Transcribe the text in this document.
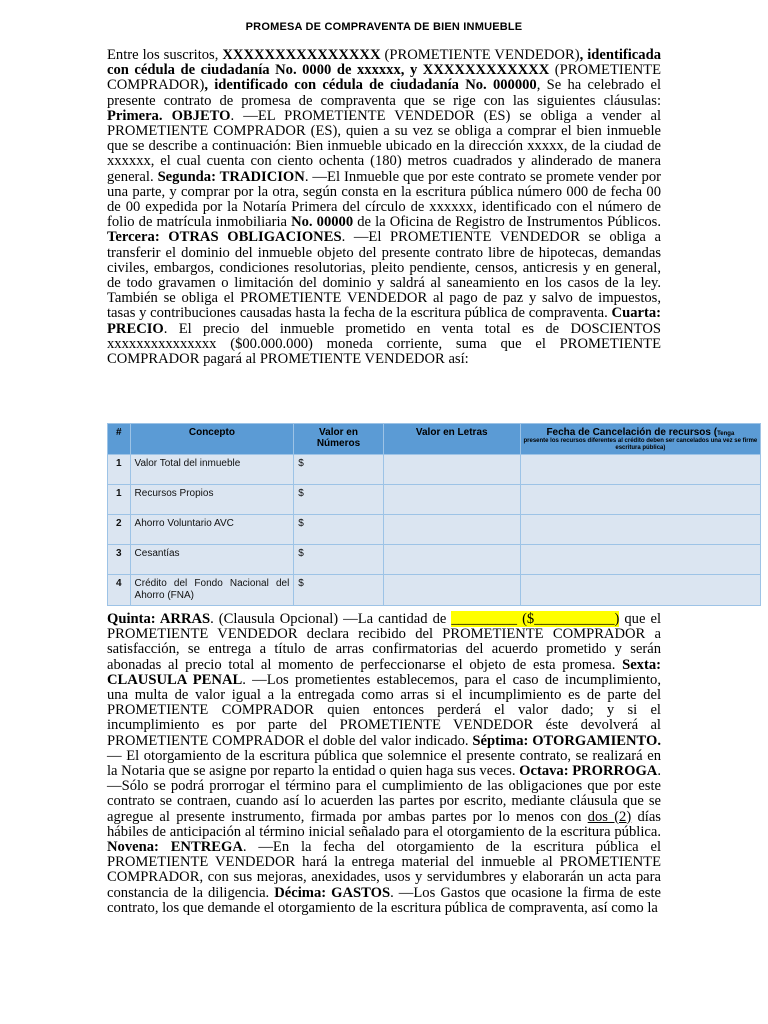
PROMESA DE COMPRAVENTA DE BIEN INMUEBLE

Entre los suscritos, XXXXXXXXXXXXXXX (PROMETIENTE VENDEDOR), identificada con cédula de ciudadanía No. 0000 de xxxxxx, y XXXXXXXXXXXX (PROMETIENTE COMPRADOR), identificado con cédula de ciudadanía No. 000000, Se ha celebrado el presente contrato de promesa de compraventa que se rige con las siguientes cláusulas: Primera. OBJETO. —EL PROMETIENTE VENDEDOR (ES) se obliga a vender al PROMETIENTE COMPRADOR (ES), quien a su vez se obliga a comprar el bien inmueble que se describe a continuación: Bien inmueble ubicado en la dirección xxxxx, de la ciudad de xxxxxx, el cual cuenta con ciento ochenta (180) metros cuadrados y alinderado de manera general. Segunda: TRADICION. —El Inmueble que por este contrato se promete vender por una parte, y comprar por la otra, según consta en la escritura pública número 000 de fecha 00 de 00 expedida por la Notaría Primera del círculo de xxxxxx, identificado con el número de folio de matrícula inmobiliaria No. 00000 de la Oficina de Registro de Instrumentos Públicos. Tercera: OTRAS OBLIGACIONES. —El PROMETIENTE VENDEDOR se obliga a transferir el dominio del inmueble objeto del presente contrato libre de hipotecas, demandas civiles, embargos, condiciones resolutorias, pleito pendiente, censos, anticresis y en general, de todo gravamen o limitación del dominio y saldrá al saneamiento en los casos de la ley. También se obliga el PROMETIENTE VENDEDOR al pago de paz y salvo de impuestos, tasas y contribuciones causadas hasta la fecha de la escritura pública de compraventa. Cuarta: PRECIO. El precio del inmueble prometido en venta total es de DOSCIENTOS xxxxxxxxxxxxxxx ($00.000.000) moneda corriente, suma que el PROMETIENTE COMPRADOR pagará al PROMETIENTE VENDEDOR así:

#	Concepto	Valor en Números	Valor en Letras	Fecha de Cancelación de recursos (Tenga
presente los recursos diferentes al crédito deben ser cancelados una vez se firme escritura pública)

1	Valor Total del inmueble	$		
1	Recursos Propios	$		
2	Ahorro Voluntario AVC	$		
3	Cesantías	$		
4	Crédito del Fondo Nacional del Ahorro (FNA)	$		

Quinta: ARRAS. (Clausula Opcional) —La cantidad de _________ ($___________) que el PROMETIENTE VENDEDOR declara recibido del PROMETIENTE COMPRADOR a satisfacción, se entrega a título de arras confirmatorias del acuerdo prometido y serán abonadas al precio total al momento de perfeccionarse el objeto de esta promesa. Sexta: CLAUSULA PENAL. —Los prometientes establecemos, para el caso de incumplimiento, una multa de valor igual a la entregada como arras si el incumplimiento es de parte del PROMETIENTE COMPRADOR quien entonces perderá el valor dado; y si el incumplimiento es por parte del PROMETIENTE VENDEDOR éste devolverá al PROMETIENTE COMPRADOR el doble del valor indicado. Séptima: OTORGAMIENTO. — El otorgamiento de la escritura pública que solemnice el presente contrato, se realizará en la Notaria que se asigne por reparto la entidad o quien haga sus veces. Octava: PRORROGA. —Sólo se podrá prorrogar el término para el cumplimiento de las obligaciones que por este contrato se contraen, cuando así lo acuerden las partes por escrito, mediante cláusula que se agregue al presente instrumento, firmada por ambas partes por lo menos con dos (2) días hábiles de anticipación al término inicial señalado para el otorgamiento de la escritura pública. Novena: ENTREGA. —En la fecha del otorgamiento de la escritura pública el PROMETIENTE VENDEDOR hará la entrega material del inmueble al PROMETIENTE COMPRADOR, con sus mejoras, anexidades, usos y servidumbres y elaborarán un acta para constancia de la diligencia. Décima: GASTOS. —Los Gastos que ocasione la firma de este contrato, los que demande el otorgamiento de la escritura pública de compraventa, así como la
